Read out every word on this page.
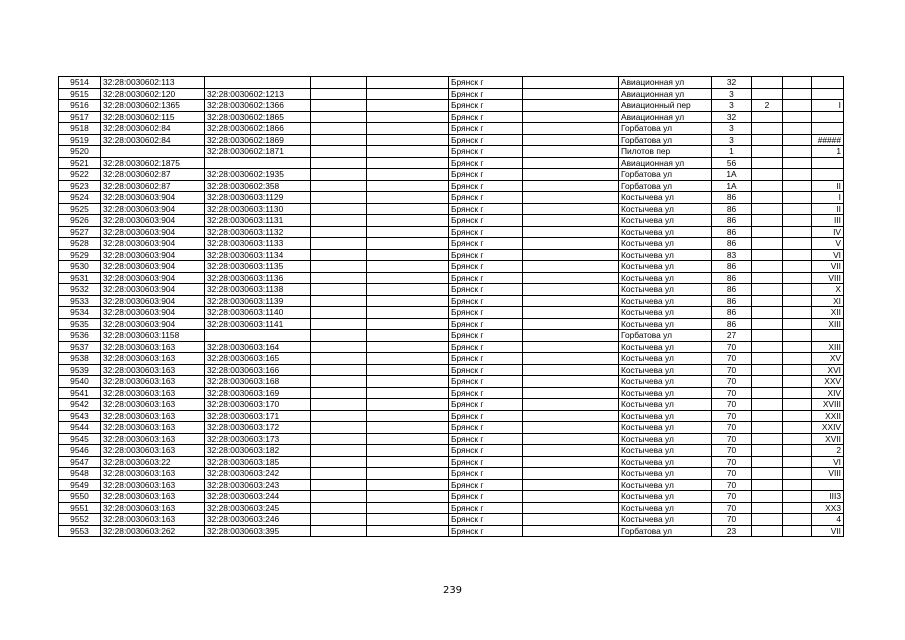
9514	32:28:0030602:113				Брянск г		Авиационная ул	32			
9515	32:28:0030602:120	32:28:0030602:1213			Брянск г		Авиационная ул	3			
9516	32:28:0030602:1365	32:28:0030602:1366			Брянск г		Авиационный пер	3	2		I
9517	32:28:0030602:115	32:28:0030602:1865			Брянск г		Авиационная ул	32			
9518	32:28:0030602:84	32:28:0030602:1866			Брянск г		Горбатова ул	3			
9519	32:28:0030602:84	32:28:0030602:1869			Брянск г		Горбатова ул	3			#####
9520		32:28:0030602:1871			Брянск г		Пилотов пер	1			1
9521	32:28:0030602:1875				Брянск г		Авиационная ул	56			
9522	32:28:0030602:87	32:28:0030602:1935			Брянск г		Горбатова ул	1А			
9523	32:28:0030602:87	32:28:0030602:358			Брянск г		Горбатова ул	1А			II
9524	32:28:0030603:904	32:28:0030603:1129			Брянск г		Костычева ул	86			I
9525	32:28:0030603:904	32:28:0030603:1130			Брянск г		Костычева ул	86			II
9526	32:28:0030603:904	32:28:0030603:1131			Брянск г		Костычева ул	86			III
9527	32:28:0030603:904	32:28:0030603:1132			Брянск г		Костычева ул	86			IV
9528	32:28:0030603:904	32:28:0030603:1133			Брянск г		Костычева ул	86			V
9529	32:28:0030603:904	32:28:0030603:1134			Брянск г		Костычева ул	83			VI
9530	32:28:0030603:904	32:28:0030603:1135			Брянск г		Костычева ул	86			VII
9531	32:28:0030603:904	32:28:0030603:1136			Брянск г		Костычева ул	86			VIII
9532	32:28:0030603:904	32:28:0030603:1138			Брянск г		Костычева ул	86			X
9533	32:28:0030603:904	32:28:0030603:1139			Брянск г		Костычева ул	86			XI
9534	32:28:0030603:904	32:28:0030603:1140			Брянск г		Костычева ул	86			XII
9535	32:28:0030603:904	32:28:0030603:1141			Брянск г		Костычева ул	86			XIII
9536	32:28:0030603:1158				Брянск г		Горбатова ул	27			
9537	32:28:0030603:163	32:28:0030603:164			Брянск г		Костычева ул	70			XIII
9538	32:28:0030603:163	32:28:0030603:165			Брянск г		Костычева ул	70			XV
9539	32:28:0030603:163	32:28:0030603:166			Брянск г		Костычева ул	70			XVI
9540	32:28:0030603:163	32:28:0030603:168			Брянск г		Костычева ул	70			XXV
9541	32:28:0030603:163	32:28:0030603:169			Брянск г		Костычева ул	70			XIV
9542	32:28:0030603:163	32:28:0030603:170			Брянск г		Костычева ул	70			XVIII
9543	32:28:0030603:163	32:28:0030603:171			Брянск г		Костычева ул	70			XXII
9544	32:28:0030603:163	32:28:0030603:172			Брянск г		Костычева ул	70			XXIV
9545	32:28:0030603:163	32:28:0030603:173			Брянск г		Костычева ул	70			XVII
9546	32:28:0030603:163	32:28:0030603:182			Брянск г		Костычева ул	70			2
9547	32:28:0030603:22	32:28:0030603:185			Брянск г		Костычева ул	70			VI
9548	32:28:0030603:163	32:28:0030603:242			Брянск г		Костычева ул	70			VIII
9549	32:28:0030603:163	32:28:0030603:243			Брянск г		Костычева ул	70			
9550	32:28:0030603:163	32:28:0030603:244			Брянск г		Костычева ул	70			III3
9551	32:28:0030603:163	32:28:0030603:245			Брянск г		Костычева ул	70			XX3
9552	32:28:0030603:163	32:28:0030603:246			Брянск г		Костычева ул	70			4
9553	32:28:0030603:262	32:28:0030603:395			Брянск г		Горбатова ул	23			VII
239
